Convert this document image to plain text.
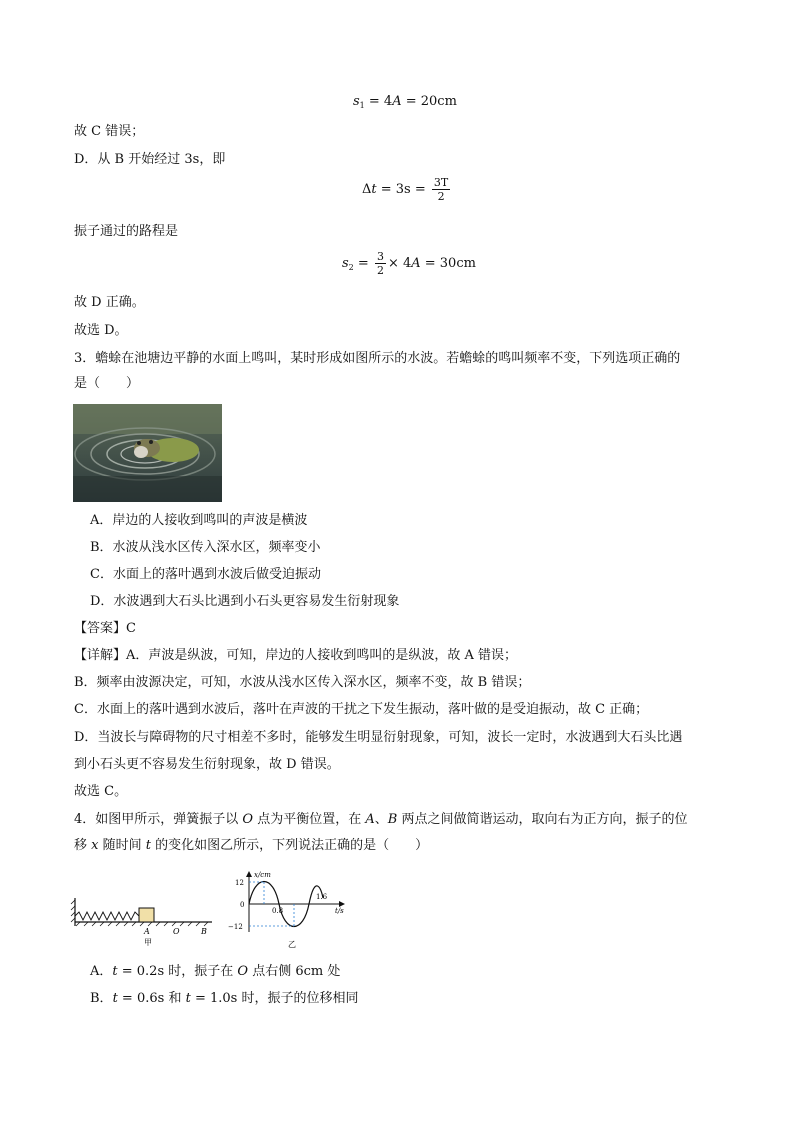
$s_1 = 4A = 20cm$
故 C 错误；
D．从 B 开始经过 3s，即
$\Delta t = 3s = \frac{3T}{2}$
振子通过的路程是
$s_2 = \frac{3}{2} \times 4A = 30cm$
故 D 正确。
故选 D。
3．蟾蜍在池塘边平静的水面上鸣叫，某时形成如图所示的水波。若蟾蜍的鸣叫频率不变，下列选项正确的
是（　　）
A．岸边的人接收到鸣叫的声波是横波
B．水波从浅水区传入深水区，频率变小
C．水面上的落叶遇到水波后做受迫振动
D．水波遇到大石头比遇到小石头更容易发生衍射现象
【答案】C
【详解】A．声波是纵波，可知，岸边的人接收到鸣叫的是纵波，故 A 错误；
B．频率由波源决定，可知，水波从浅水区传入深水区，频率不变，故 B 错误；
C．水面上的落叶遇到水波后，落叶在声波的干扰之下发生振动，落叶做的是受迫振动，故 C 正确；
D．当波长与障碍物的尺寸相差不多时，能够发生明显衍射现象，可知，波长一定时，水波遇到大石头比遇
到小石头更不容易发生衍射现象，故 D 错误。
故选 C。
4．如图甲所示，弹簧振子以 O 点为平衡位置，在 A、B 两点之间做简谐运动，取向右为正方向，振子的位
移 x 随时间 t 的变化如图乙所示，下列说法正确的是（　　）
A	O	B
甲
x/cm
12
0
−12
0.8
1.6
t/s
乙
A．t = 0.2s 时，振子在 O 点右侧 6cm 处
B．t = 0.6s 和 t = 1.0s 时，振子的位移相同
